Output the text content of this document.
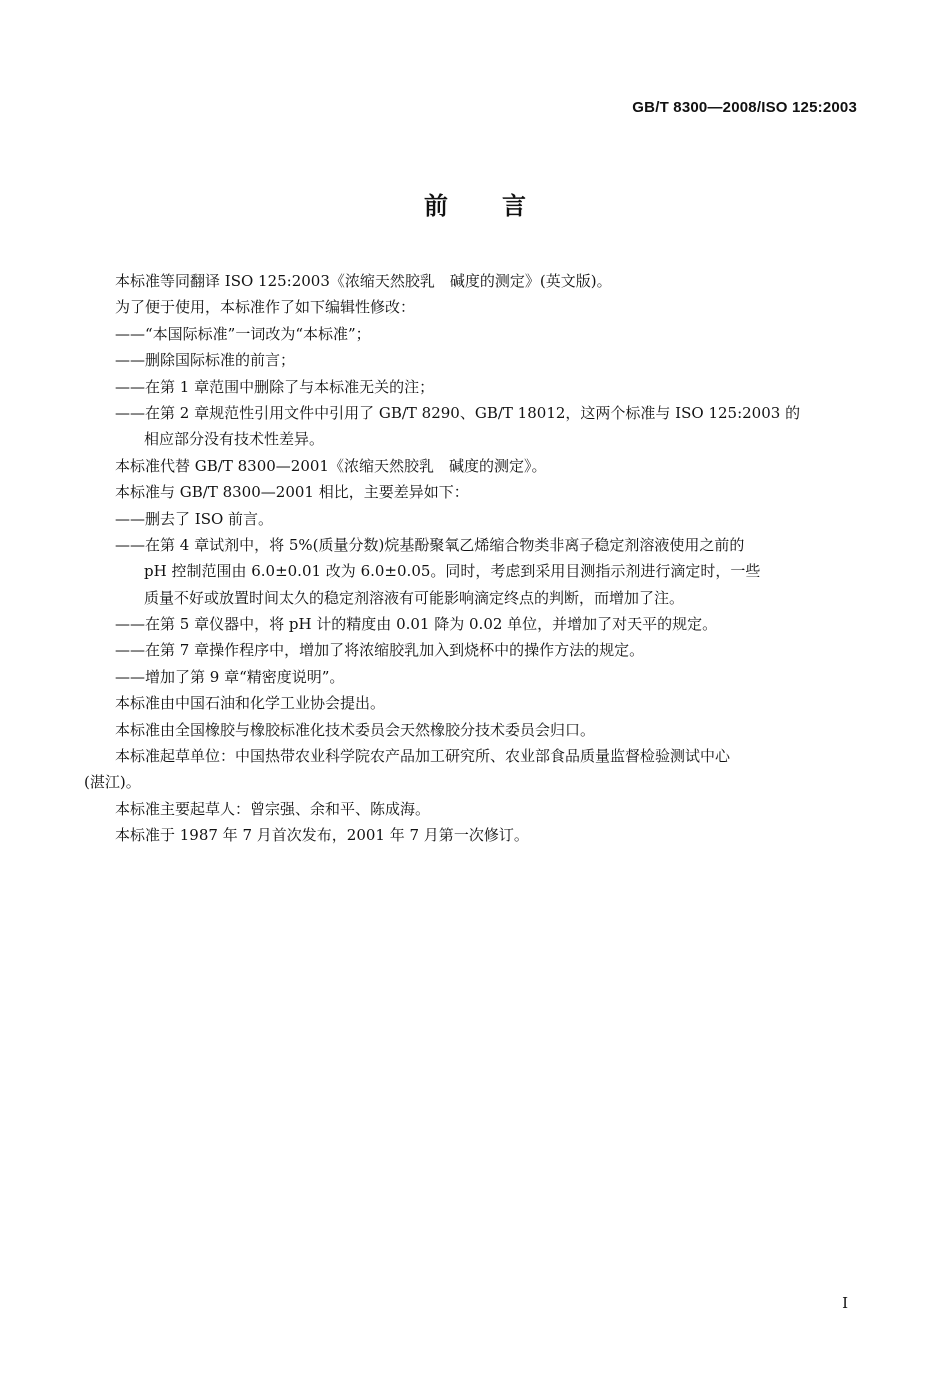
GB/T 8300—2008/ISO 125:2003
前言
本标准等同翻译 ISO 125:2003《浓缩天然胶乳　碱度的测定》(英文版)。
为了便于使用，本标准作了如下编辑性修改：
——“本国际标准”一词改为“本标准”；
——删除国际标准的前言；
——在第 1 章范围中删除了与本标准无关的注；
——在第 2 章规范性引用文件中引用了 GB/T 8290、GB/T 18012，这两个标准与 ISO 125:2003 的
相应部分没有技术性差异。
本标准代替 GB/T 8300—2001《浓缩天然胶乳　碱度的测定》。
本标准与 GB/T 8300—2001 相比，主要差异如下：
——删去了 ISO 前言。
——在第 4 章试剂中，将 5%(质量分数)烷基酚聚氧乙烯缩合物类非离子稳定剂溶液使用之前的
pH 控制范围由 6.0±0.01 改为 6.0±0.05。同时，考虑到采用目测指示剂进行滴定时，一些
质量不好或放置时间太久的稳定剂溶液有可能影响滴定终点的判断，而增加了注。
——在第 5 章仪器中，将 pH 计的精度由 0.01 降为 0.02 单位，并增加了对天平的规定。
——在第 7 章操作程序中，增加了将浓缩胶乳加入到烧杯中的操作方法的规定。
——增加了第 9 章“精密度说明”。
本标准由中国石油和化学工业协会提出。
本标准由全国橡胶与橡胶标准化技术委员会天然橡胶分技术委员会归口。
本标准起草单位：中国热带农业科学院农产品加工研究所、农业部食品质量监督检验测试中心
(湛江)。
本标准主要起草人：曾宗强、余和平、陈成海。
本标准于 1987 年 7 月首次发布，2001 年 7 月第一次修订。
I
